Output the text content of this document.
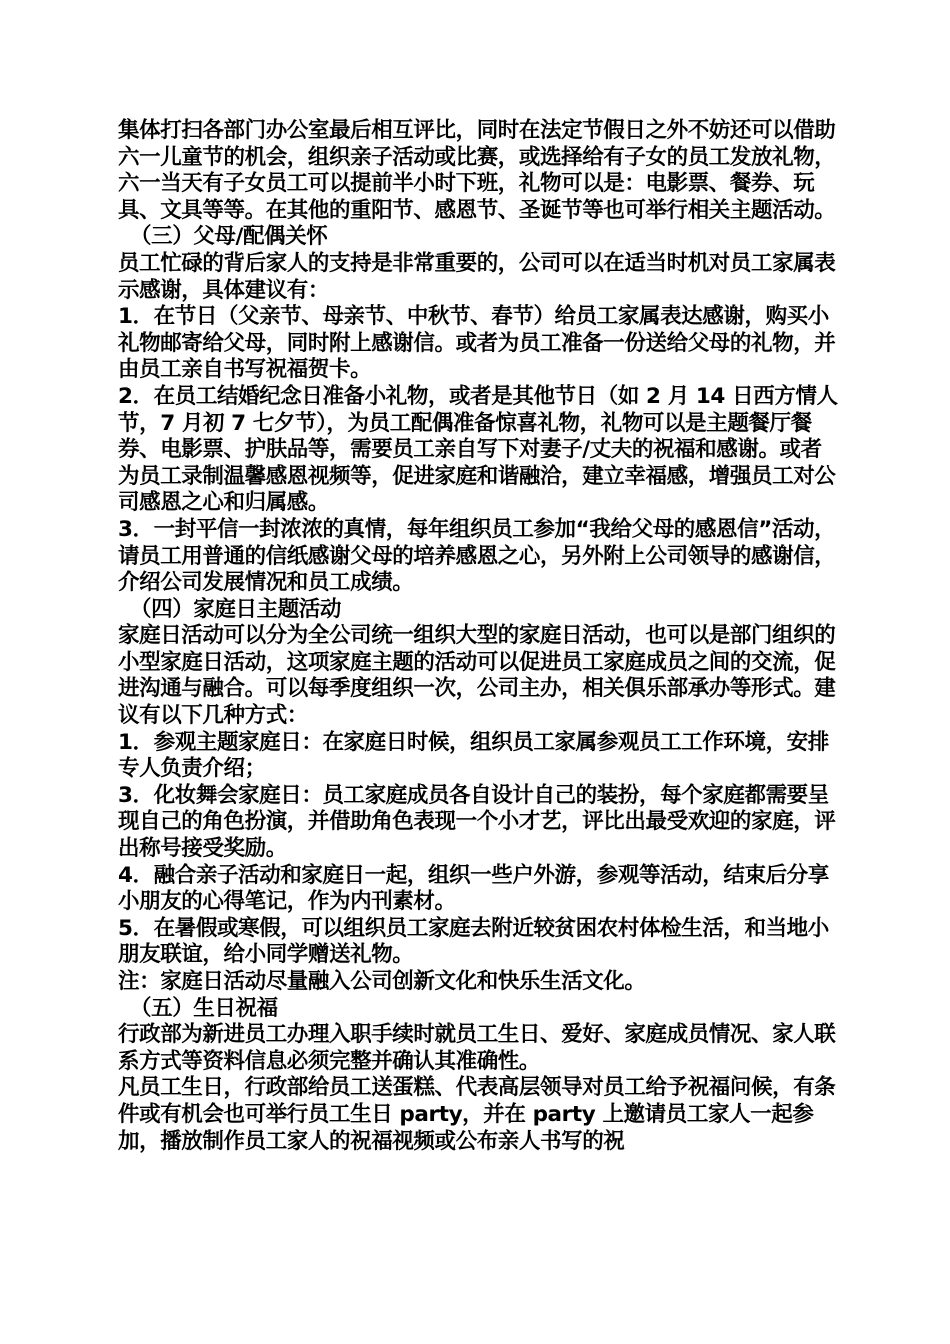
集体打扫各部门办公室最后相互评比，同时在法定节假日之外不妨还可以借助六一儿童节的机会，组织亲子活动或比赛，或选择给有子女的员工发放礼物，六一当天有子女员工可以提前半小时下班，礼物可以是：电影票、餐券、玩具、文具等等。在其他的重阳节、感恩节、圣诞节等也可举行相关主题活动。

（三）父母/配偶关怀

员工忙碌的背后家人的支持是非常重要的，公司可以在适当时机对员工家属表示感谢，具体建议有：

1．在节日（父亲节、母亲节、中秋节、春节）给员工家属表达感谢，购买小礼物邮寄给父母，同时附上感谢信。或者为员工准备一份送给父母的礼物，并由员工亲自书写祝福贺卡。

2．在员工结婚纪念日准备小礼物，或者是其他节日（如 2 月 14 日西方情人节，7 月初 7 七夕节），为员工配偶准备惊喜礼物，礼物可以是主题餐厅餐券、电影票、护肤品等，需要员工亲自写下对妻子/丈夫的祝福和感谢。或者为员工录制温馨感恩视频等，促进家庭和谐融洽，建立幸福感，增强员工对公司感恩之心和归属感。

3．一封平信一封浓浓的真情，每年组织员工参加“我给父母的感恩信”活动，请员工用普通的信纸感谢父母的培养感恩之心，另外附上公司领导的感谢信，介绍公司发展情况和员工成绩。

（四）家庭日主题活动

家庭日活动可以分为全公司统一组织大型的家庭日活动，也可以是部门组织的小型家庭日活动，这项家庭主题的活动可以促进员工家庭成员之间的交流，促进沟通与融合。可以每季度组织一次，公司主办，相关俱乐部承办等形式。建议有以下几种方式：

1．参观主题家庭日：在家庭日时候，组织员工家属参观员工工作环境，安排专人负责介绍；

3．化妆舞会家庭日：员工家庭成员各自设计自己的装扮，每个家庭都需要呈现自己的角色扮演，并借助角色表现一个小才艺，评比出最受欢迎的家庭，评出称号接受奖励。

4．融合亲子活动和家庭日一起，组织一些户外游，参观等活动，结束后分享小朋友的心得笔记，作为内刊素材。

5．在暑假或寒假，可以组织员工家庭去附近较贫困农村体检生活，和当地小朋友联谊，给小同学赠送礼物。

注：家庭日活动尽量融入公司创新文化和快乐生活文化。

（五）生日祝福

行政部为新进员工办理入职手续时就员工生日、爱好、家庭成员情况、家人联系方式等资料信息必须完整并确认其准确性。

凡员工生日，行政部给员工送蛋糕、代表高层领导对员工给予祝福问候，有条件或有机会也可举行员工生日 party，并在 party 上邀请员工家人一起参加，播放制作员工家人的祝福视频或公布亲人书写的祝
